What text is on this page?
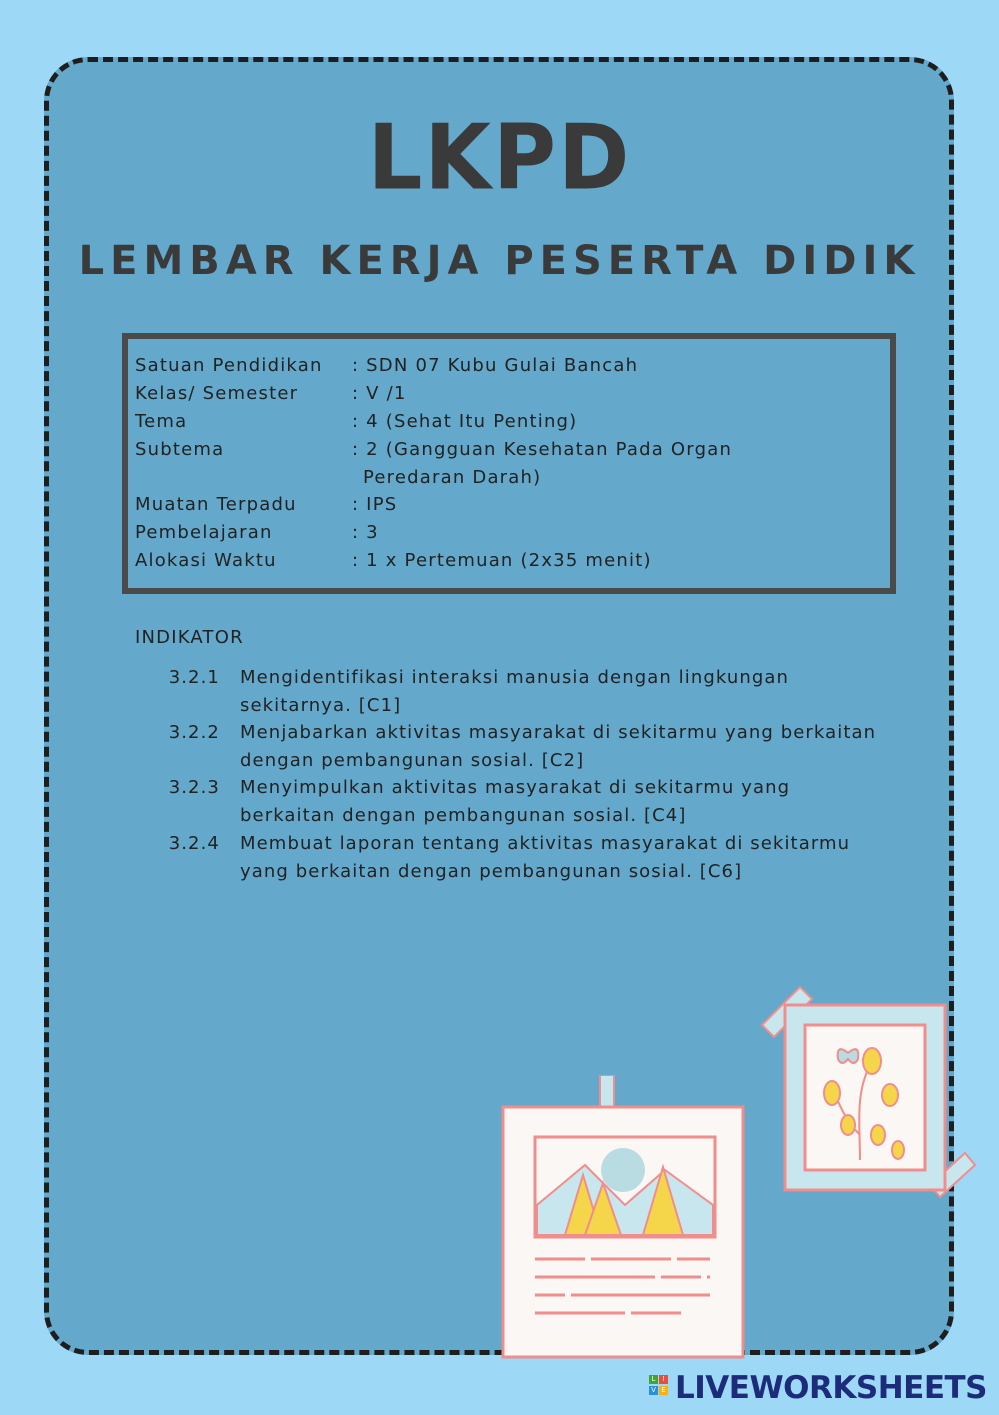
LKPD
LEMBAR KERJA PESERTA DIDIK
Satuan Pendidikan : SDN 07 Kubu Gulai Bancah
Kelas/ Semester	: V /1
Tema	: 4 (Sehat Itu Penting)
Subtema	: 2 (Gangguan Kesehatan Pada Organ
Peredaran Darah)
Muatan Terpadu	: IPS
Pembelajaran	: 3
Alokasi Waktu	: 1 x Pertemuan (2x35 menit)
INDIKATOR
3.2.1 Mengidentifikasi interaksi manusia dengan lingkungan
sekitarnya. [C1]
3.2.2 Menjabarkan aktivitas masyarakat di sekitarmu yang berkaitan
dengan pembangunan sosial. [C2]
3.2.3 Menyimpulkan aktivitas masyarakat di sekitarmu yang
berkaitan dengan pembangunan sosial. [C4]
3.2.4 Membuat laporan tentang aktivitas masyarakat di sekitarmu
yang berkaitan dengan pembangunan sosial. [C6]
L	I
V E LIVEWORKSHEETS
